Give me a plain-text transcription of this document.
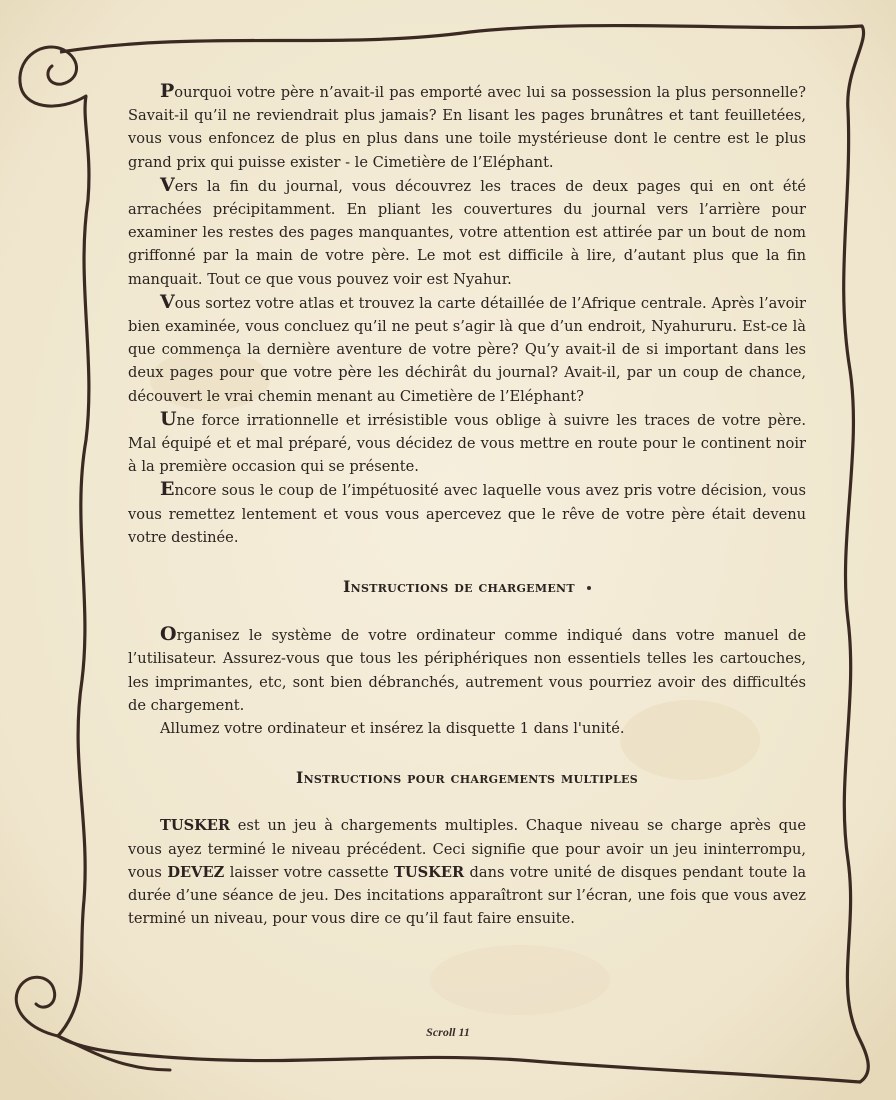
Pourquoi votre père n’avait-il pas emporté avec lui sa possession la plus personnelle? Savait-il qu’il ne reviendrait plus jamais? En lisant les pages brunâtres et tant feuilletées, vous vous enfoncez de plus en plus dans une toile mystérieuse dont le centre est le plus grand prix qui puisse exister - le Cimetière de l’Eléphant.

Vers la fin du journal, vous découvrez les traces de deux pages qui en ont été arrachées précipitamment. En pliant les couvertures du journal vers l’arrière pour examiner les restes des pages manquantes, votre attention est attirée par un bout de nom griffonné par la main de votre père. Le mot est difficile à lire, d’autant plus que la fin manquait. Tout ce que vous pouvez voir est Nyahur.

Vous sortez votre atlas et trouvez la carte détaillée de l’Afrique centrale. Après l’avoir bien examinée, vous concluez qu’il ne peut s’agir là que d’un endroit, Nyahururu. Est-ce là que commença la dernière aventure de votre père? Qu’y avait-il de si important dans les deux pages pour que votre père les déchirât du journal? Avait-il, par un coup de chance, découvert le vrai chemin menant au Cimetière de l’Eléphant?

Une force irrationnelle et irrésistible vous oblige à suivre les traces de votre père. Mal équipé et et mal préparé, vous décidez de vous mettre en route pour le continent noir à la première occasion qui se présente.

Encore sous le coup de l’impétuosité avec laquelle vous avez pris votre décision, vous vous remettez lentement et vous vous apercevez que le rêve de votre père était devenu votre destinée.

Instructions de chargement

Organisez le système de votre ordinateur comme indiqué dans votre manuel de l’utilisateur. Assurez-vous que tous les périphériques non essentiels telles les cartouches, les imprimantes, etc, sont bien débranchés, autrement vous pourriez avoir des difficultés de chargement.

Allumez votre ordinateur et insérez la disquette 1 dans l'unité.

Instructions pour chargements multiples

TUSKER est un jeu à chargements multiples. Chaque niveau se charge après que vous ayez terminé le niveau précédent. Ceci signifie que pour avoir un jeu ininterrompu, vous DEVEZ laisser votre cassette TUSKER dans votre unité de disques pendant toute la durée d’une séance de jeu. Des incitations apparaîtront sur l’écran, une fois que vous avez terminé un niveau, pour vous dire ce qu’il faut faire ensuite.

Scroll 11
